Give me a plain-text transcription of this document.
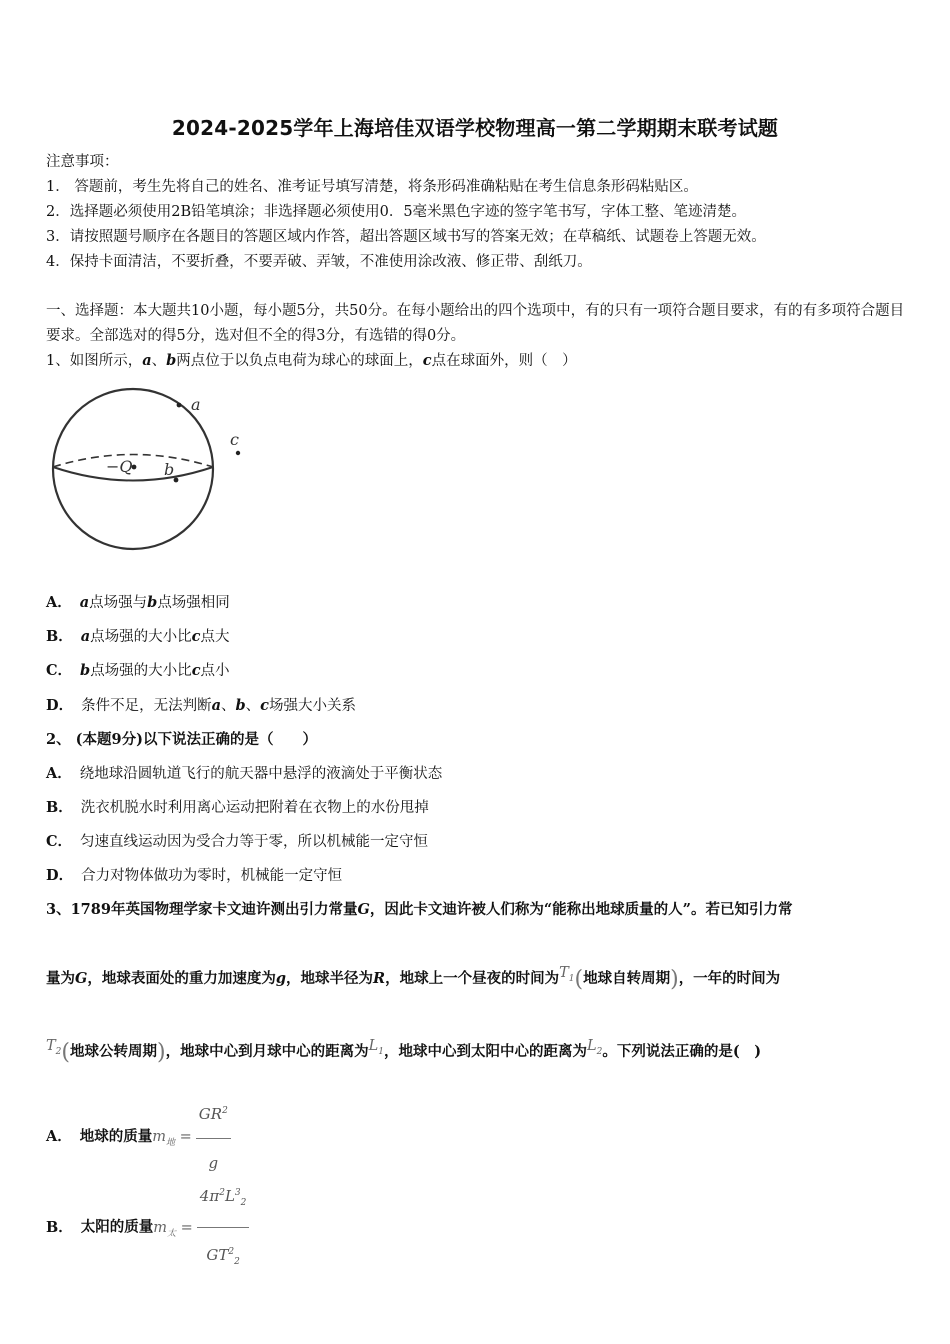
2024-2025学年上海培佳双语学校物理高一第二学期期末联考试题
注意事项：
1． 答题前，考生先将自己的姓名、准考证号填写清楚，将条形码准确粘贴在考生信息条形码粘贴区。
2．选择题必须使用2B铅笔填涂；非选择题必须使用0．5毫米黑色字迹的签字笔书写，字体工整、笔迹清楚。
3．请按照题号顺序在各题目的答题区域内作答，超出答题区域书写的答案无效；在草稿纸、试题卷上答题无效。
4．保持卡面清洁，不要折叠，不要弄破、弄皱，不准使用涂改液、修正带、刮纸刀。
一、选择题：本大题共10小题，每小题5分，共50分。在每小题给出的四个选项中，有的只有一项符合题目要求，有的有多项符合题目要求。全部选对的得5分，选对但不全的得3分，有选错的得0分。
1、如图所示，a、b两点位于以负点电荷为球心的球面上，c点在球面外，则（　）
a
−Q b
c
A． a点场强与b点场强相同
B． a点场强的大小比c点大
C． b点场强的大小比c点小
D． 条件不足，无法判断a、b、c场强大小关系
2、 (本题9分)以下说法正确的是（　　）
A． 绕地球沿圆轨道飞行的航天器中悬浮的液滴处于平衡状态
B． 洗衣机脱水时利用离心运动把附着在衣物上的水份甩掉
C． 匀速直线运动因为受合力等于零，所以机械能一定守恒
D． 合力对物体做功为零时，机械能一定守恒
3、1789年英国物理学家卡文迪许测出引力常量G，因此卡文迪许被人们称为“能称出地球质量的人”。若已知引力常
量为G，地球表面处的重力加速度为g，地球半径为R，地球上一个昼夜的时间为$T_1$(地球自转周期)，一年的时间为
$T_2$(地球公转周期)，地球中心到月球中心的距离为$L_1$，地球中心到太阳中心的距离为$L_2$。下列说法正确的是(　)
A． 地球的质量$m_地 = \frac{GR^2}{g}$
B． 太阳的质量$m_太 = \frac{4\pi^2L^3_2}{GT^2_2}$
